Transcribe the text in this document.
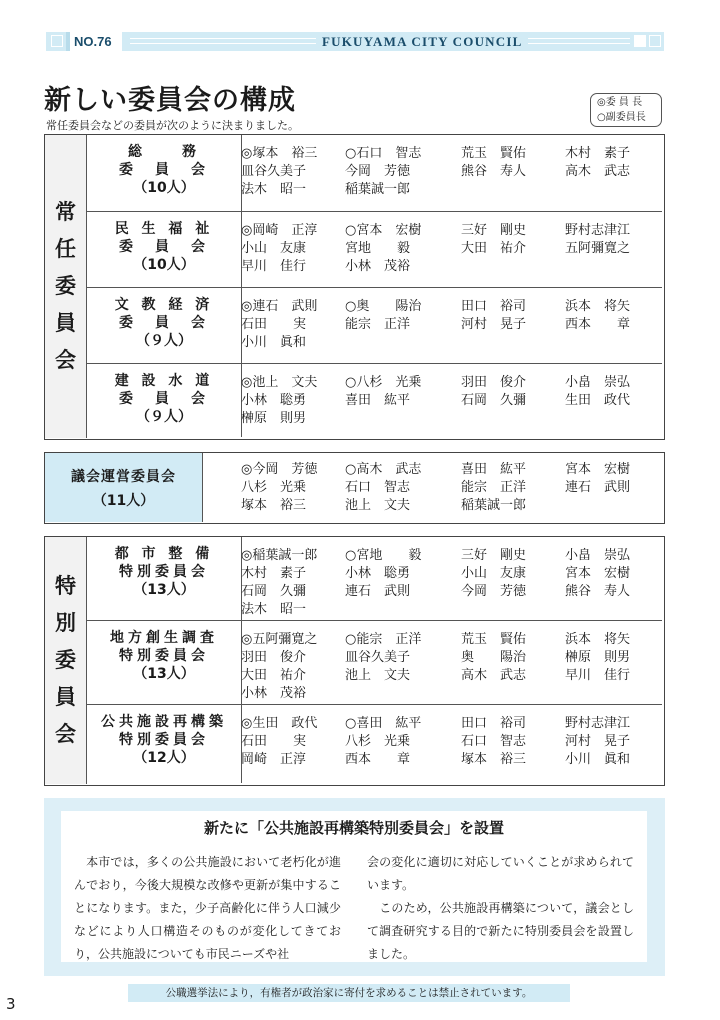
NO.76	FUKUYAMA CITY COUNCIL
新しい委員会の構成
常任委員会などの委員が次のように決まりました。
◎委 員 長
○副委員長
常任委員会
総　　務
委　員　会
（10人）
◎塚本　裕三 ○石口　智志	荒玉　賢佑	木村　素子
皿谷久美子	今岡　芳徳	熊谷　寿人	高木　武志
法木　昭一	稲葉誠一郎
民 生 福 祉
委　員　会
（10人）
◎岡崎　正淳 ○宮本　宏樹	三好　剛史	野村志津江
小山　友康	宮地　　毅	大田　祐介	五阿彌寛之
早川　佳行	小林　茂裕
文 教 経 済
委　員　会
（９人）
◎連石　武則 ○奥　　陽治	田口　裕司	浜本　将矢
石田　　実	能宗　正洋	河村　晃子	西本　　章
小川　眞和
建 設 水 道
委　員　会
（９人）
◎池上　文夫 ○八杉　光乗	羽田　俊介	小畠　崇弘
小林　聡勇	喜田　紘平	石岡　久彌	生田　政代
榊原　則男
議会運営委員会
（11人）
◎今岡　芳徳 ○高木　武志	喜田　紘平	宮本　宏樹
八杉　光乗	石口　智志	能宗　正洋	連石　武則
塚本　裕三	池上　文夫	稲葉誠一郎
特別委員会
都 市 整 備
特別委員会
（13人）
◎稲葉誠一郎 ○宮地　　毅	三好　剛史	小畠　崇弘
木村　素子	小林　聡勇	小山　友康	宮本　宏樹
石岡　久彌	連石　武則	今岡　芳徳	熊谷　寿人
法木　昭一
地方創生調査
特別委員会
（13人）
◎五阿彌寛之 ○能宗　正洋	荒玉　賢佑	浜本　将矢
羽田　俊介	皿谷久美子	奥　　陽治	榊原　則男
大田　祐介	池上　文夫	高木　武志	早川　佳行
小林　茂裕
公共施設再構築
特別委員会
（12人）
◎生田　政代 ○喜田　紘平	田口　裕司	野村志津江
石田　　実	八杉　光乗	石口　智志	河村　晃子
岡崎　正淳	西本　　章	塚本　裕三	小川　眞和
新たに「公共施設再構築特別委員会」を設置
　本市では，多くの公共施設において老朽化が進んでおり，今後大規模な改修や更新が集中することになります。また，少子高齢化に伴う人口減少などにより人口構造そのものが変化してきており，公共施設についても市民ニーズや社
会の変化に適切に対応していくことが求められています。
　このため，公共施設再構築について，議会として調査研究する目的で新たに特別委員会を設置しました。
公職選挙法により，有権者が政治家に寄付を求めることは禁止されています。
3
